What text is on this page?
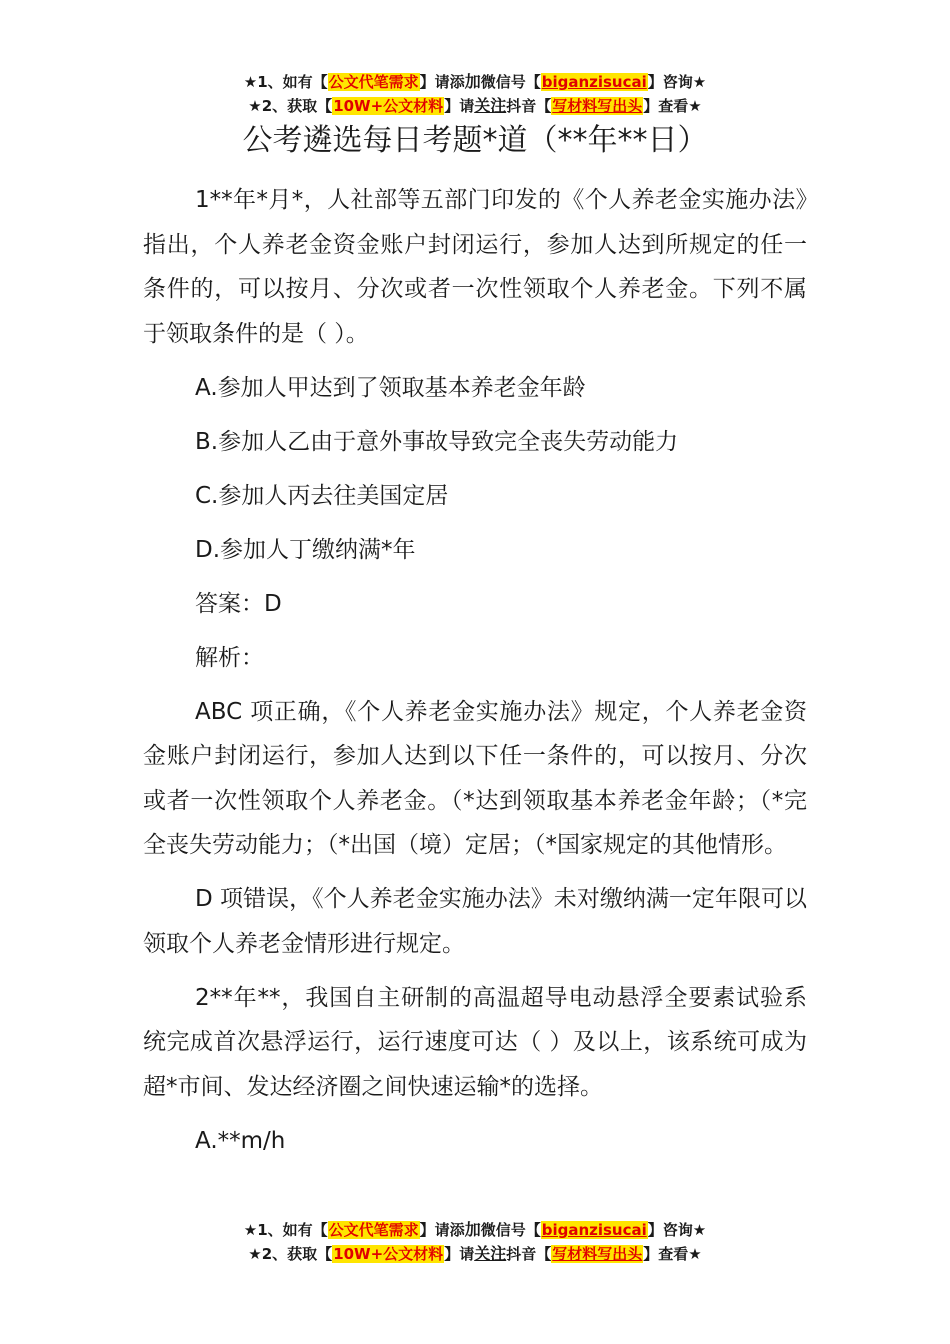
★1、如有【公文代笔需求】请添加微信号【biganzisucai】咨询★
★2、获取【10W+公文材料】请关注抖音【写材料写出头】查看★
公考遴选每日考题*道（**年**日）

1**年*月*，人社部等五部门印发的《个人养老金实施办法》指出，个人养老金资金账户封闭运行，参加人达到所规定的任一条件的，可以按月、分次或者一次性领取个人养老金。下列不属于领取条件的是（ ）。

A.参加人甲达到了领取基本养老金年龄

B.参加人乙由于意外事故导致完全丧失劳动能力

C.参加人丙去往美国定居

D.参加人丁缴纳满*年

答案：D

解析：

ABC 项正确，《个人养老金实施办法》规定，个人养老金资金账户封闭运行，参加人达到以下任一条件的，可以按月、分次或者一次性领取个人养老金。（*达到领取基本养老金年龄；（*完全丧失劳动能力；（*出国（境）定居；（*国家规定的其他情形。

D 项错误，《个人养老金实施办法》未对缴纳满一定年限可以领取个人养老金情形进行规定。

2**年**，我国自主研制的高温超导电动悬浮全要素试验系统完成首次悬浮运行，运行速度可达（ ）及以上，该系统可成为超*市间、发达经济圈之间快速运输*的选择。

A.**m/h

★1、如有【公文代笔需求】请添加微信号【biganzisucai】咨询★
★2、获取【10W+公文材料】请关注抖音【写材料写出头】查看★
